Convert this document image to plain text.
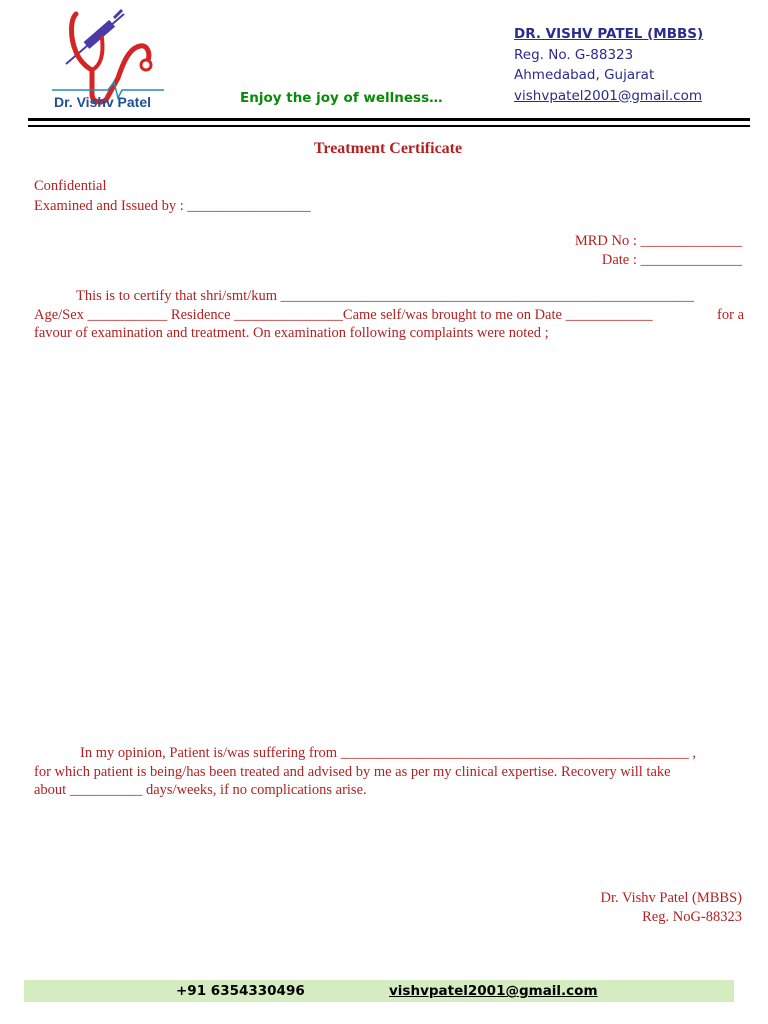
Dr. Vishv Patel	Enjoy the joy of wellness…
DR. VISHV PATEL (MBBS)
Reg. No. G-88323
Ahmedabad, Gujarat
vishvpatel2001@gmail.com
Treatment Certificate
Confidential
Examined and Issued by : _________________
MRD No : ______________
Date : ______________
This is to certify that shri/smt/kum _________________________________________________________
Age/Sex ___________ Residence _______________Came self/was brought to me on Date ____________	for a
favour of examination and treatment. On examination following complaints were noted ;
In my opinion, Patient is/was suffering from ________________________________________________ ,
for which patient is being/has been treated and advised by me as per my clinical expertise. Recovery will take
about __________ days/weeks, if no complications arise.
Dr. Vishv Patel (MBBS)
Reg. NoG-88323
+91 6354330496	vishvpatel2001@gmail.com
